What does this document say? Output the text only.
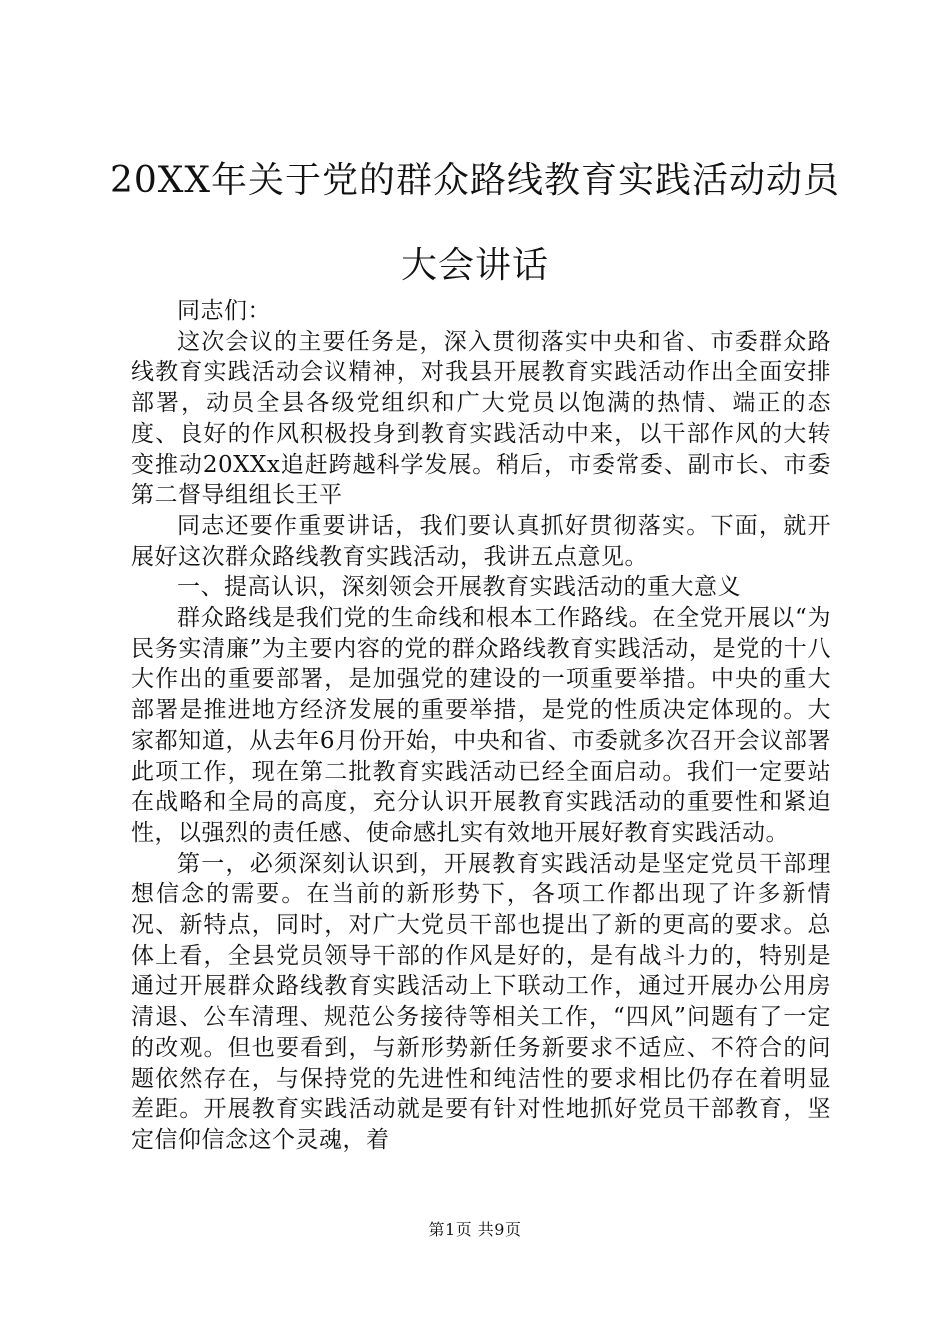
20XX年关于党的群众路线教育实践活动动员
大会讲话

同志们：

这次会议的主要任务是，深入贯彻落实中央和省、市委群众路线教育实践活动会议精神，对我县开展教育实践活动作出全面安排部署，动员全县各级党组织和广大党员以饱满的热情、端正的态度、良好的作风积极投身到教育实践活动中来，以干部作风的大转变推动20XXx追赶跨越科学发展。稍后，市委常委、副市长、市委第二督导组组长王平

同志还要作重要讲话，我们要认真抓好贯彻落实。下面，就开展好这次群众路线教育实践活动，我讲五点意见。

一、提高认识，深刻领会开展教育实践活动的重大意义

群众路线是我们党的生命线和根本工作路线。在全党开展以“为民务实清廉”为主要内容的党的群众路线教育实践活动，是党的十八大作出的重要部署，是加强党的建设的一项重要举措。中央的重大部署是推进地方经济发展的重要举措，是党的性质决定体现的。大家都知道，从去年6月份开始，中央和省、市委就多次召开会议部署此项工作，现在第二批教育实践活动已经全面启动。我们一定要站在战略和全局的高度，充分认识开展教育实践活动的重要性和紧迫性，以强烈的责任感、使命感扎实有效地开展好教育实践活动。

第一，必须深刻认识到，开展教育实践活动是坚定党员干部理想信念的需要。在当前的新形势下，各项工作都出现了许多新情况、新特点，同时，对广大党员干部也提出了新的更高的要求。总体上看，全县党员领导干部的作风是好的，是有战斗力的，特别是通过开展群众路线教育实践活动上下联动工作，通过开展办公用房清退、公车清理、规范公务接待等相关工作，“四风”问题有了一定的改观。但也要看到，与新形势新任务新要求不适应、不符合的问题依然存在，与保持党的先进性和纯洁性的要求相比仍存在着明显差距。开展教育实践活动就是要有针对性地抓好党员干部教育，坚定信仰信念这个灵魂，着

第1页 共9页
